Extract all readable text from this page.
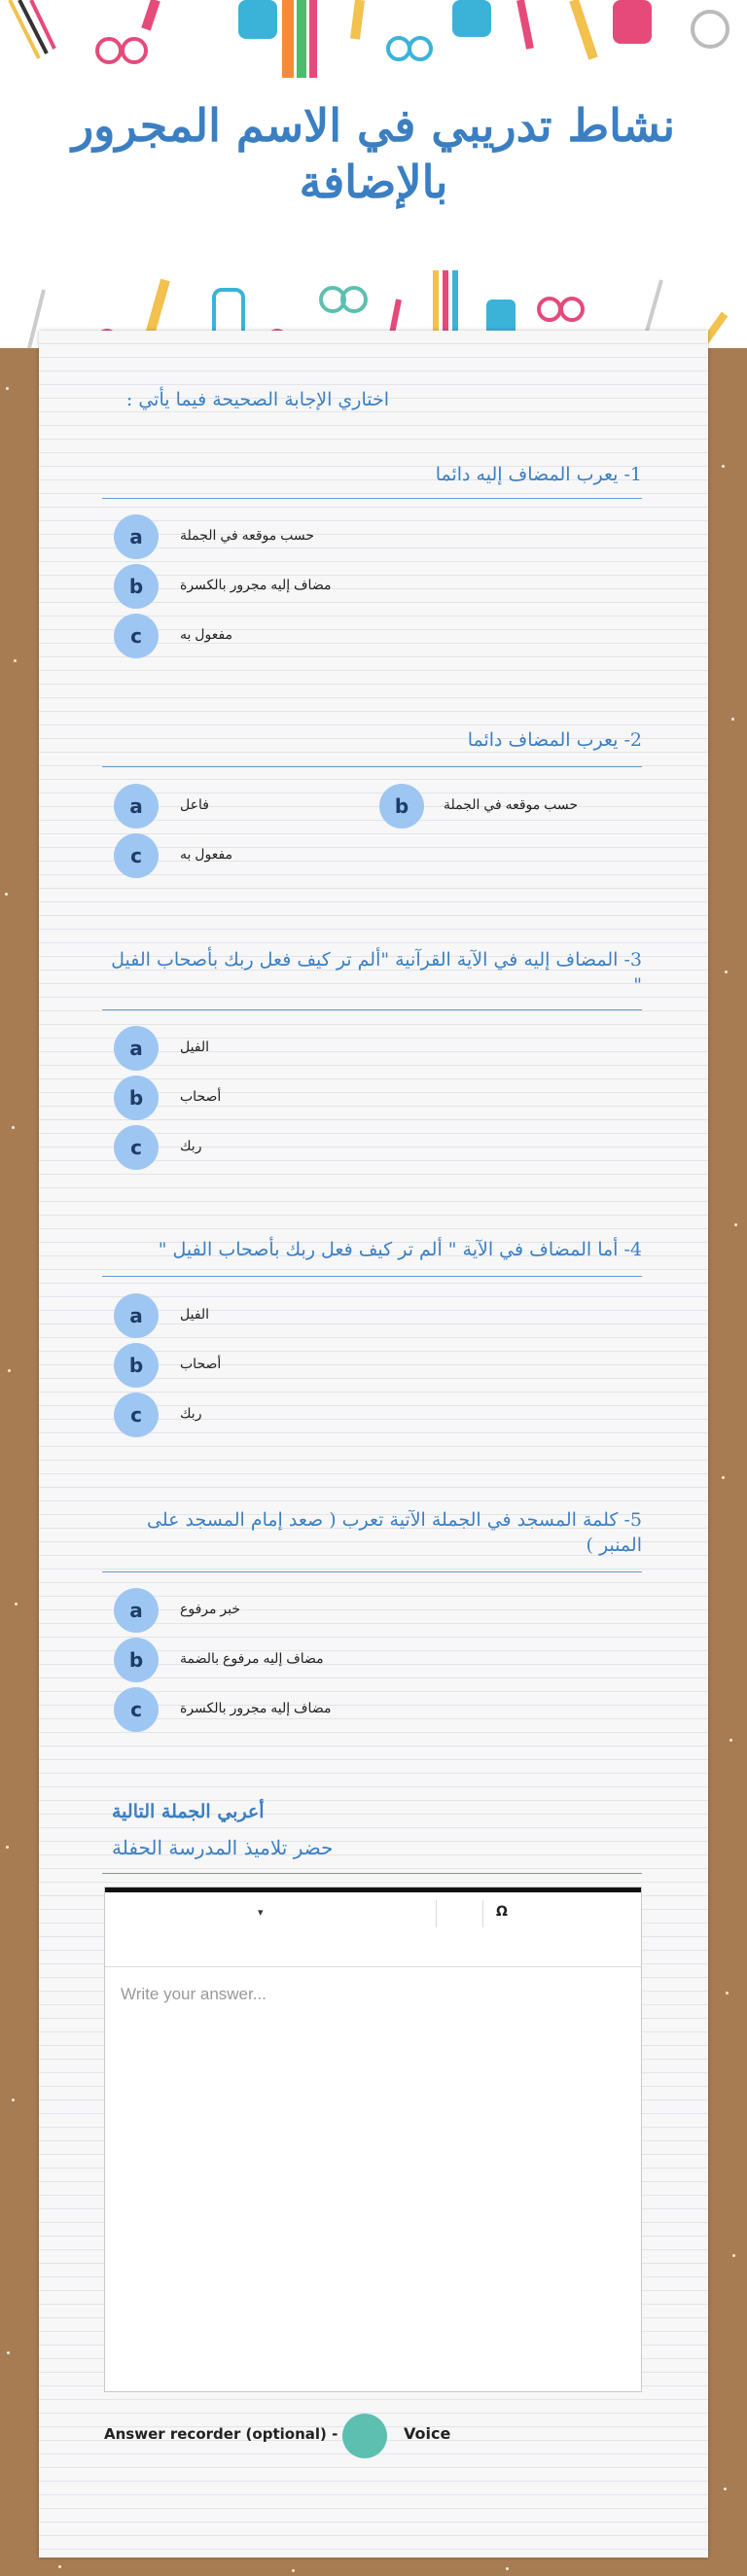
نشاط تدريبي في الاسم المجرور بالإضافة
اختاري الإجابة الصحيحة فيما يأتي :
1- يعرب المضاف إليه دائما
a	حسب موقعه في الجملة
b	مضاف إليه مجرور بالكسرة
c	مفعول به
2- يعرب المضاف دائما
a	فاعل	b	حسب موقعه في الجملة
c	مفعول به
3- المضاف إليه في الآية القرآنية "ألم تر كيف فعل ربك بأصحاب الفيل "
a	الفيل
b	أصحاب
c	ربك
4- أما المضاف في الآية " ألم تر كيف فعل ربك بأصحاب الفيل "
a	الفيل
b	أصحاب
c	ربك
5- كلمة المسجد في الجملة الآتية تعرب ( صعد إمام المسجد على المنبر )
a	خبر مرفوع
b	مضاف إليه مرفوع بالضمة
c	مضاف إليه مجرور بالكسرة
أعربي الجملة التالية
حضر تلاميذ المدرسة الحفلة
▾	Ω
Write your answer...
Answer recorder (optional) -	Voice
